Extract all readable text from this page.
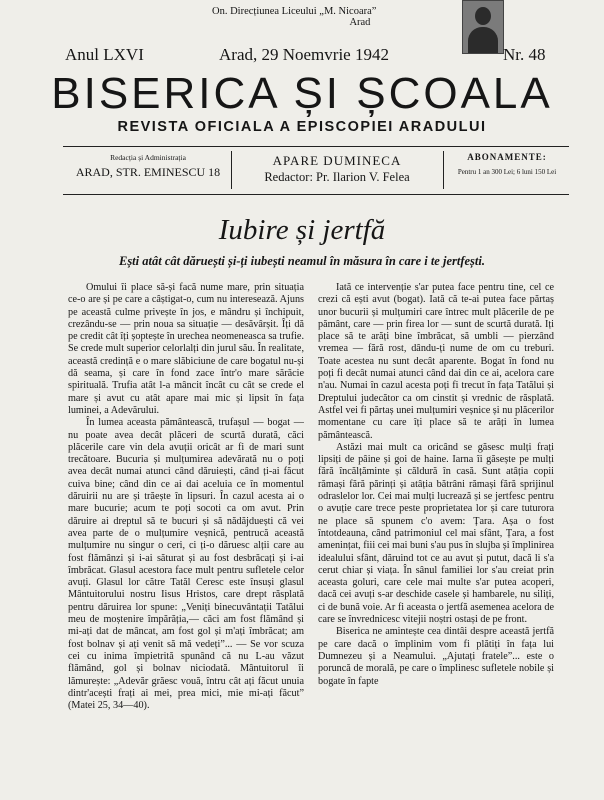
On. Direcțiunea Liceului „M. Nicoara”
Arad
Anul LXVI	Arad, 29 Noemvrie 1942	Nr. 48
BISERICA ȘI ȘCOALA
REVISTA OFICIALA A EPISCOPIEI ARADULUI
Redacția și Administrația
ARAD, STR. EMINESCU 18
APARE DUMINECA
Redactor: Pr. Ilarion V. Felea
ABONAMENTE:
Pentru 1 an 300 Lei; 6 luni 150 Lei
Iubire și jertfă
Ești atât cât dăruești și-ți iubești neamul în măsura în care i te jertfești.

Omului îi place să-și facă nume mare, prin situația ce-o are și pe care a câștigat-o, cum nu interesează. Ajuns pe această culme privește în jos, e mândru și închipuit, crezându-se — prin noua sa situație — desăvârșit. Îți dă pe credit cât îți șoptește în urechea neomeneasca sa trufie. Se crede mult superior celorlalți din jurul său. În realitate, această credință e o mare slăbiciune de care bogatul nu-și dă seama, și care în fond zace într'o mare sărăcie spirituală. Trufia atât l-a mâncit încât cu cât se crede el mare și avut cu atât apare mai mic și lipsit în fața luminei, a Adevărului.

În lumea aceasta pământească, trufașul — bogat — nu poate avea decât plăceri de scurtă durată, căci plăcerile care vin dela avuții oricât ar fi de mari sunt trecătoare. Bucuria și mulțumirea adevărată nu o poți avea decât numai atunci când dăruiești, când ți-ai făcut cuiva bine; când din ce ai dai aceluia ce în momentul dăruirii nu are și trăește în lipsuri. În cazul acesta ai o mare bucurie; acum te poți socoti ca om avut. Prin dăruire ai dreptul să te bucuri și să nădăjduești că vei avea parte de o mulțumire veșnică, pentrucă această mulțumire nu singur o ceri, ci ți-o dăruesc alții care au fost flămânzi și i-ai săturat și au fost desbrăcați și i-ai îmbrăcat. Glasul acestora face mult pentru sufletele celor avuți. Glasul lor către Tatăl Ceresc este însuși glasul Mântuitorului nostru Iisus Hristos, care drept răsplată pentru dăruirea lor spune: „Veniți binecuvântații Tatălui meu de moștenire împărăția,— căci am fost flămând și mi-ați dat de mâncat, am fost gol și m'ați îmbrăcat; am fost bolnav și ați venit să mă vedeți”... — Se vor scuza cei cu inima împietrită spunând că nu L-au văzut flămând, gol și bolnav niciodată. Mântuitorul îi lămurește: „Adevăr grăesc vouă, întru cât ați făcut unuia dintr'acești frați ai mei, prea mici, mie mi-ați făcut” (Matei 25, 34—40).

Iată ce intervenție s'ar putea face pentru tine, cel ce crezi că ești avut (bogat). Iată că te-ai putea face părtaș unor bucurii și mulțumiri care întrec mult plăcerile de pe pământ, care — prin firea lor — sunt de scurtă durată. Iți place să te arăți bine îmbrăcat, să umbli — pierzând vremea — fără rost, dându-ți nume de om cu treburi. Toate acestea nu sunt decât aparente. Bogat în fond nu poți fi decât numai atunci când dai din ce ai, acelora care n'au. Numai în cazul acesta poți fi trecut în fața Tatălui și Dreptului judecător ca om cinstit și vrednic de răsplată. Astfel vei fi părtaș unei mulțumiri veșnice și nu plăcerilor momentane cu care îți place să te arăți în lumea pământească.

Astăzi mai mult ca oricând se găsesc mulți frați lipsiți de pâine și goi de haine. Iarna îi găsește pe mulți fără încălțăminte și căldură în casă. Sunt atâția copii rămași fără părinți și atâția bătrâni rămași fără sprijinul odraslelor lor. Cei mai mulți lucrează și se jertfesc pentru o avuție care trece peste proprietatea lor și care tuturora ne place să spunem c'o avem: Țara. Așa o fost întotdeauna, când patrimoniul cel mai sfânt, Țara, a fost amenințat, fiii cei mai buni s'au pus în slujba și împlinirea idealului sfânt, dăruind tot ce au avut și putut, dacă li s'a cerut chiar și viața. În sânul familiei lor s'au creiat prin aceasta goluri, care cele mai multe s'ar putea acoperi, dacă cei avuți s-ar deschide casele și hambarele, nu siliți, ci de bună voie. Ar fi aceasta o jertfă asemenea acelora de care se învrednicesc vitejii noștri ostași de pe front.

Biserica ne amintește cea dintâi despre această jertfă pe care dacă o împlinim vom fi plătiți în fața lui Dumnezeu și a Neamului. „Ajutați fratele”... este o poruncă de morală, pe care o împlinesc sufletele nobile și bogate în fapte
